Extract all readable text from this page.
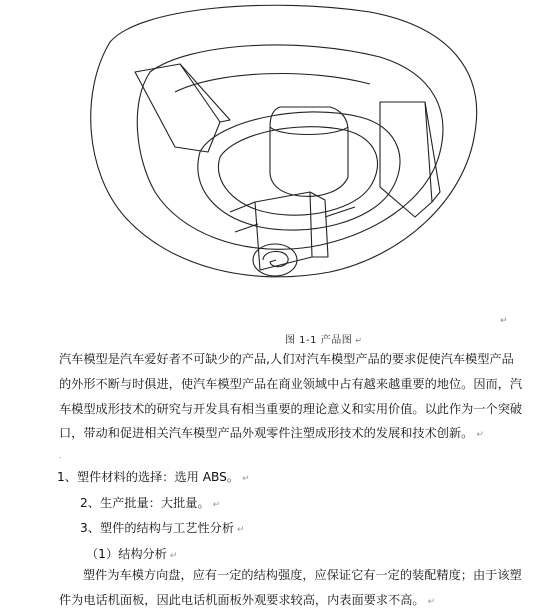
图 1-1 产品图 ↵
↵
汽车模型是汽车爱好者不可缺少的产品,人们对汽车模型产品的要求促使汽车模型产品
的外形不断与时俱进，使汽车模型产品在商业领域中占有越来越重要的地位。因而，汽
车模型成形技术的研究与开发具有相当重要的理论意义和实用价值。以此作为一个突破
口，带动和促进相关汽车模型产品外观零件注塑成形技术的发展和技术创新。 ↵
.
1、塑件材料的选择：选用 ABS。 ↵
2、生产批量：大批量。 ↵
3、塑件的结构与工艺性分析 ↵
（1）结构分析 ↵
塑件为车模方向盘，应有一定的结构强度，应保证它有一定的装配精度；由于该塑
件为电话机面板，因此电话机面板外观要求较高，内表面要求不高。 ↵
